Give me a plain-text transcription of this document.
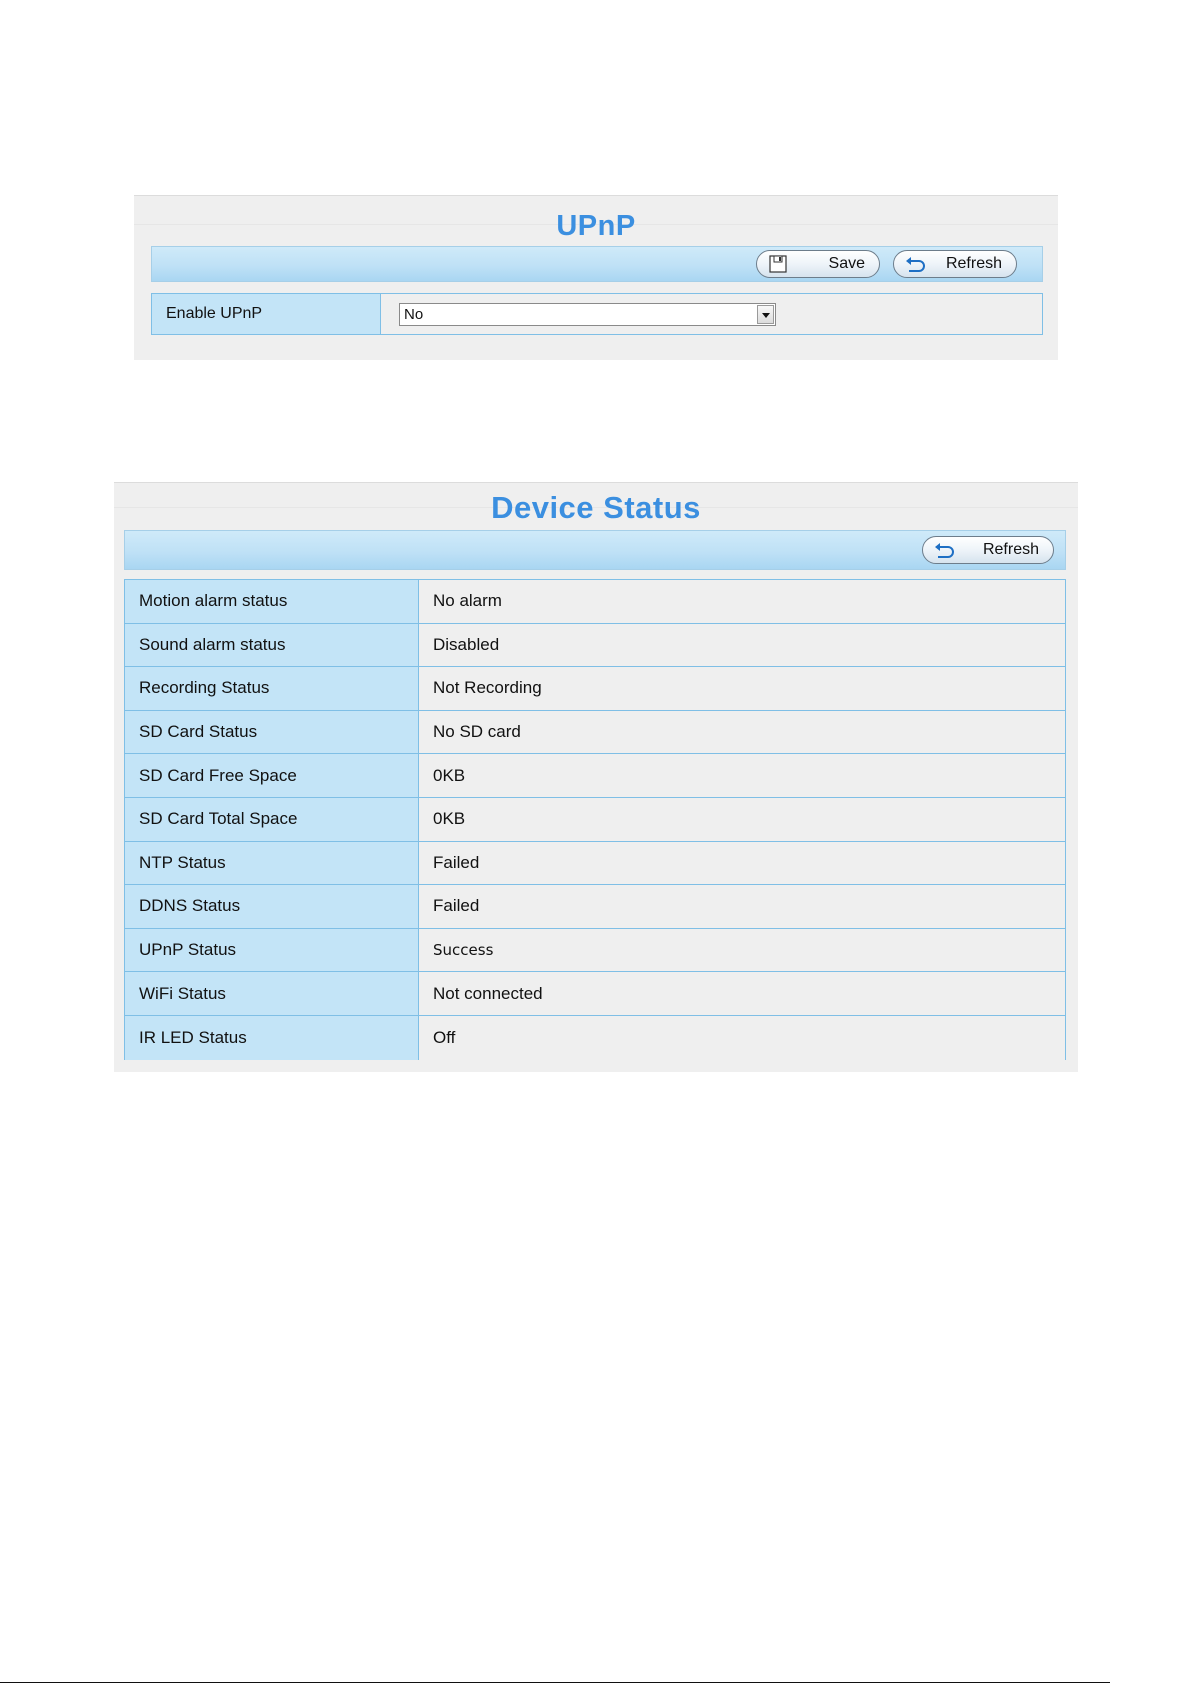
UPnP
Save	Refresh
Enable UPnP	No
Device Status
Refresh
Motion alarm status	No alarm
Sound alarm status	Disabled
Recording Status	Not Recording
SD Card Status	No SD card
SD Card Free Space	0KB
SD Card Total Space	0KB
NTP Status	Failed
DDNS Status	Failed
UPnP Status	Success
WiFi Status	Not connected
IR LED Status	Off
